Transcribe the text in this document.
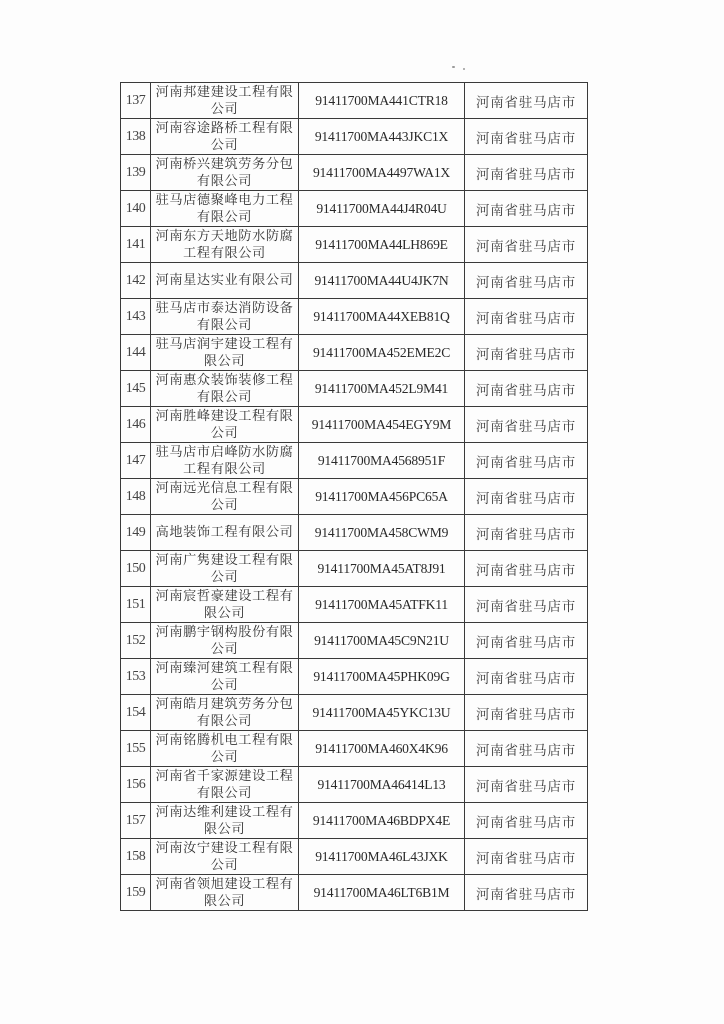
137	河南邦建建设工程有限公司	91411700MA441CTR18	河南省驻马店市
138	河南容途路桥工程有限公司	91411700MA443JKC1X	河南省驻马店市
139	河南桥兴建筑劳务分包有限公司	91411700MA4497WA1X	河南省驻马店市
140	驻马店德聚峰电力工程有限公司	91411700MA44J4R04U	河南省驻马店市
141	河南东方天地防水防腐工程有限公司	91411700MA44LH869E	河南省驻马店市
142	河南星达实业有限公司	91411700MA44U4JK7N	河南省驻马店市
143	驻马店市泰达消防设备有限公司	91411700MA44XEB81Q	河南省驻马店市
144	驻马店润宇建设工程有限公司	91411700MA452EME2C	河南省驻马店市
145	河南惠众装饰装修工程有限公司	91411700MA452L9M41	河南省驻马店市
146	河南胜峰建设工程有限公司	91411700MA454EGY9M	河南省驻马店市
147	驻马店市启峰防水防腐工程有限公司	91411700MA4568951F	河南省驻马店市
148	河南远光信息工程有限公司	91411700MA456PC65A	河南省驻马店市
149	高地装饰工程有限公司	91411700MA458CWM9	河南省驻马店市
150	河南广隽建设工程有限公司	91411700MA45AT8J91	河南省驻马店市
151	河南宸哲豪建设工程有限公司	91411700MA45ATFK11	河南省驻马店市
152	河南鹏宇钢构股份有限公司	91411700MA45C9N21U	河南省驻马店市
153	河南臻河建筑工程有限公司	91411700MA45PHK09G	河南省驻马店市
154	河南皓月建筑劳务分包有限公司	91411700MA45YKC13U	河南省驻马店市
155	河南铭腾机电工程有限公司	91411700MA460X4K96	河南省驻马店市
156	河南省千家源建设工程有限公司	91411700MA46414L13	河南省驻马店市
157	河南达维利建设工程有限公司	91411700MA46BDPX4E	河南省驻马店市
158	河南汝宁建设工程有限公司	91411700MA46L43JXK	河南省驻马店市
159	河南省领旭建设工程有限公司	91411700MA46LT6B1M	河南省驻马店市
